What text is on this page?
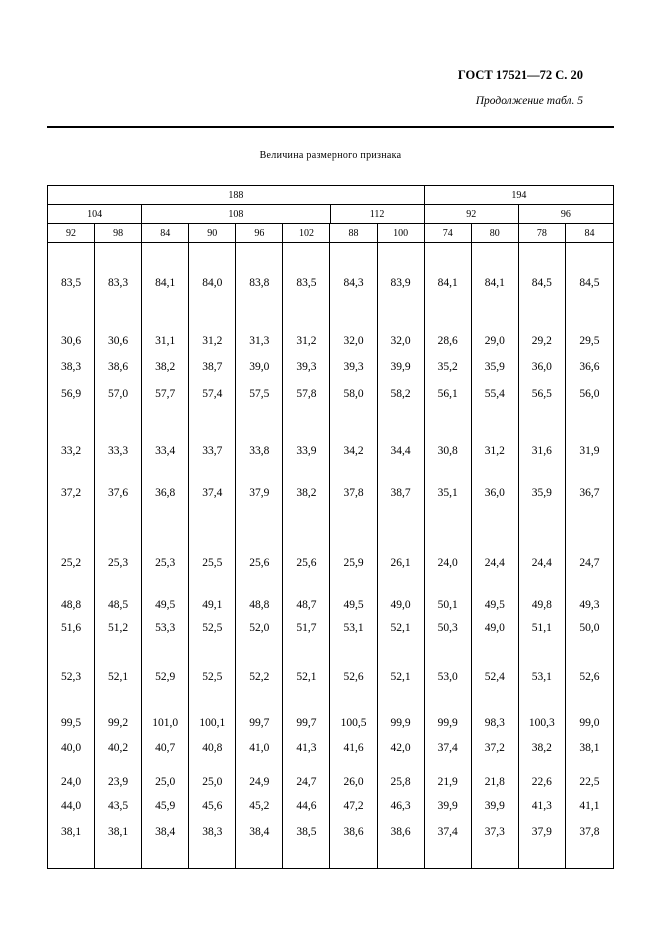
ГОСТ 17521—72 С. 20
Продолжение табл. 5
Величина размерного признака
188	194
104	108	112	92	96
92	98	84	90	96	102	88	100	74	80	78	84
83,5	83,3	84,1	84,0	83,8	83,5	84,3	83,9	84,1	84,1	84,5	84,5
30,6	30,6	31,1	31,2	31,3	31,2	32,0	32,0	28,6	29,0	29,2	29,5
38,3	38,6	38,2	38,7	39,0	39,3	39,3	39,9	35,2	35,9	36,0	36,6
56,9	57,0	57,7	57,4	57,5	57,8	58,0	58,2	56,1	55,4	56,5	56,0
33,2	33,3	33,4	33,7	33,8	33,9	34,2	34,4	30,8	31,2	31,6	31,9
37,2	37,6	36,8	37,4	37,9	38,2	37,8	38,7	35,1	36,0	35,9	36,7
25,2	25,3	25,3	25,5	25,6	25,6	25,9	26,1	24,0	24,4	24,4	24,7
48,8	48,5	49,5	49,1	48,8	48,7	49,5	49,0	50,1	49,5	49,8	49,3
51,6	51,2	53,3	52,5	52,0	51,7	53,1	52,1	50,3	49,0	51,1	50,0
52,3	52,1	52,9	52,5	52,2	52,1	52,6	52,1	53,0	52,4	53,1	52,6
99,5	99,2	101,0	100,1	99,7	99,7	100,5	99,9	99,9	98,3	100,3	99,0
40,0	40,2	40,7	40,8	41,0	41,3	41,6	42,0	37,4	37,2	38,2	38,1
24,0	23,9	25,0	25,0	24,9	24,7	26,0	25,8	21,9	21,8	22,6	22,5
44,0	43,5	45,9	45,6	45,2	44,6	47,2	46,3	39,9	39,9	41,3	41,1
38,1	38,1	38,4	38,3	38,4	38,5	38,6	38,6	37,4	37,3	37,9	37,8
